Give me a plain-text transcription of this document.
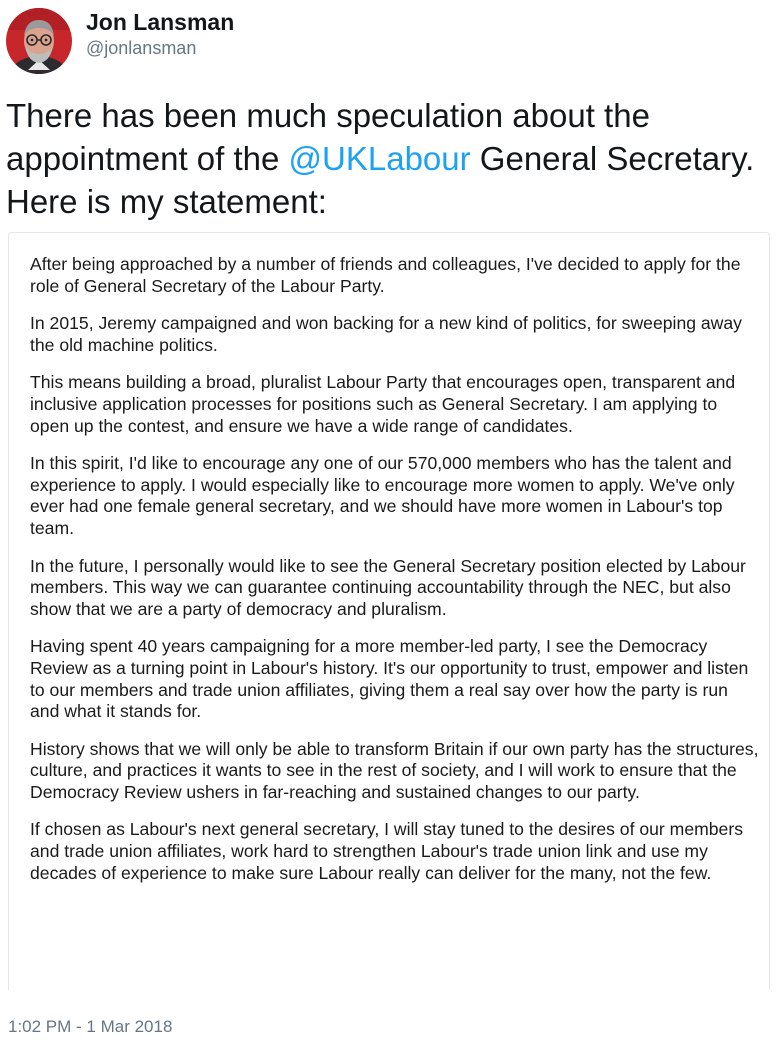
Jon Lansman
@jonlansman

There has been much speculation about the appointment of the @UKLabour General Secretary. Here is my statement:

After being approached by a number of friends and colleagues, I've decided to apply for the role of General Secretary of the Labour Party.

In 2015, Jeremy campaigned and won backing for a new kind of politics, for sweeping away the old machine politics.

This means building a broad, pluralist Labour Party that encourages open, transparent and inclusive application processes for positions such as General Secretary. I am applying to open up the contest, and ensure we have a wide range of candidates.

In this spirit, I'd like to encourage any one of our 570,000 members who has the talent and experience to apply. I would especially like to encourage more women to apply. We've only ever had one female general secretary, and we should have more women in Labour's top team.

In the future, I personally would like to see the General Secretary position elected by Labour members. This way we can guarantee continuing accountability through the NEC, but also show that we are a party of democracy and pluralism.

Having spent 40 years campaigning for a more member-led party, I see the Democracy Review as a turning point in Labour's history. It's our opportunity to trust, empower and listen to our members and trade union affiliates, giving them a real say over how the party is run and what it stands for.

History shows that we will only be able to transform Britain if our own party has the structures, culture, and practices it wants to see in the rest of society, and I will work to ensure that the Democracy Review ushers in far-reaching and sustained changes to our party.

If chosen as Labour's next general secretary, I will stay tuned to the desires of our members and trade union affiliates, work hard to strengthen Labour's trade union link and use my decades of experience to make sure Labour really can deliver for the many, not the few.

1:02 PM - 1 Mar 2018
